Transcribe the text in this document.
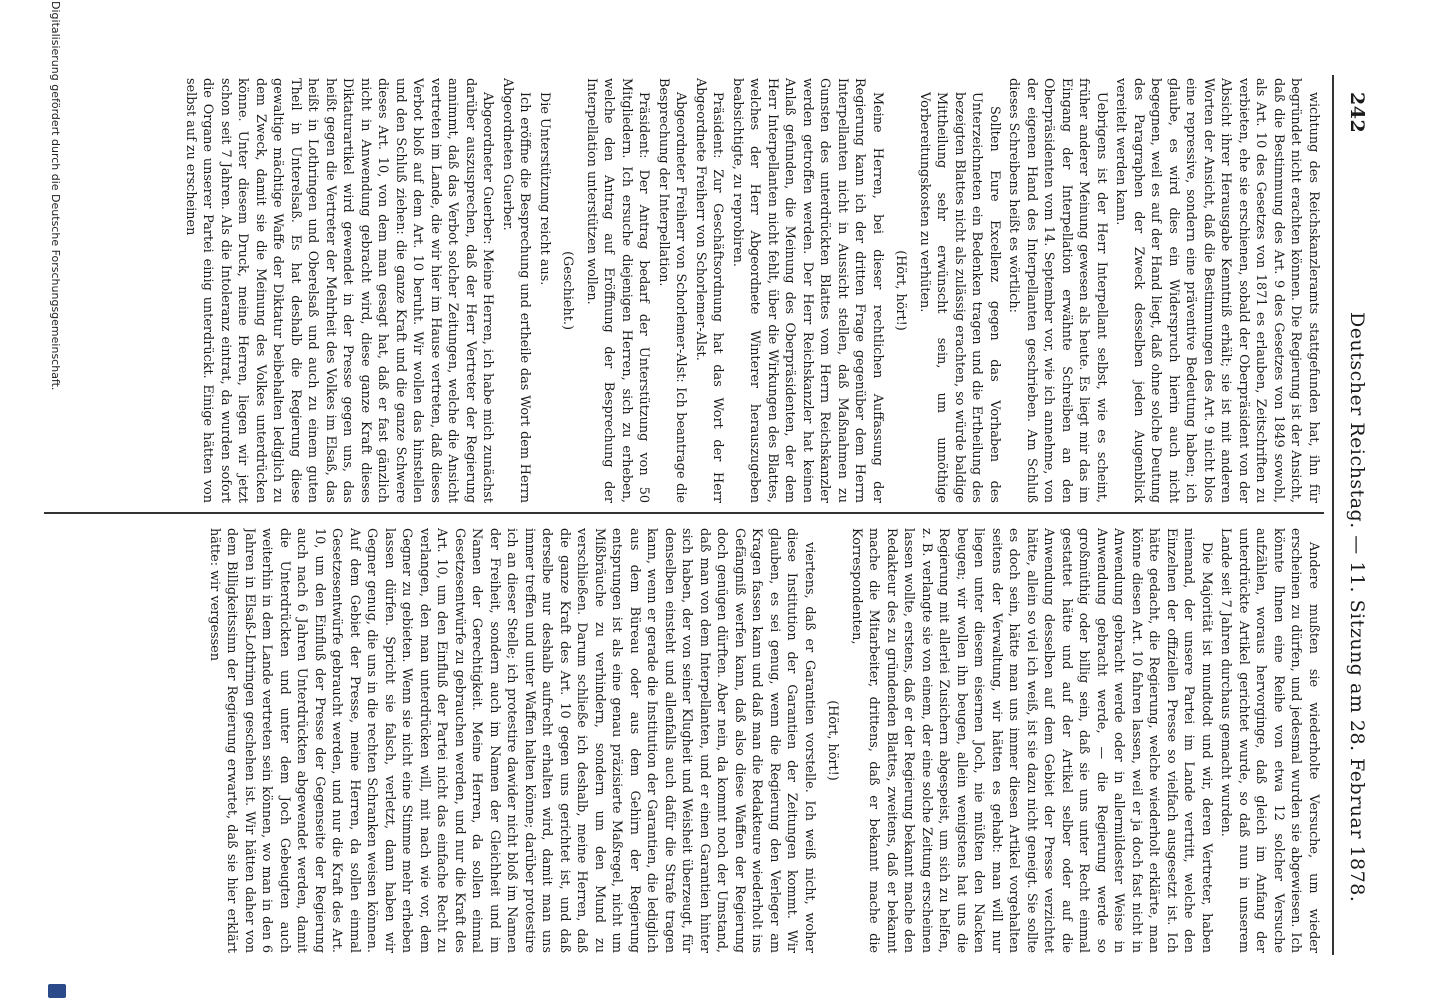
242
Deutscher Reichstag. — 11. Sitzung am 28. Februar 1878.

wichtung des Reichskanzleramts stattgefunden hat, ihn für begründet nicht erachten können. Die Regierung ist der Ansicht, daß die Bestimmung des Art. 9 des Gesetzes von 1849 sowohl, als Art. 10 des Gesetzes von 1871 es erlauben, Zeitschriften zu verbieten, ehe sie erschienen, sobald der Oberpräsident von der Absicht ihrer Herausgabe Kenntniß erhält; sie ist mit anderen Worten der Ansicht, daß die Bestimmungen des Art. 9 nicht blos eine repressive, sondern eine präventive Bedeutung haben; ich glaube, es wird dies ein Widerspruch hierin auch nicht begegnen, weil es auf der Hand liegt, daß ohne solche Deutung des Paragraphen der Zweck desselben jeden Augenblick vereitelt werden kann.

Uebrigens ist der Herr Interpellant selbst, wie es scheint, früher anderer Meinung gewesen als heute. Es liegt mir das im Eingang der Interpellation erwähnte Schreiben an den Oberpräsidenten vom 14. September vor, wie ich annehme, von der eigenen Hand des Interpellanten geschrieben. Am Schluß dieses Schreibens heißt es wörtlich:

Sollten Eure Excellenz gegen das Vorhaben des Unterzeichneten ein Bedenken tragen und die Ertheilung des bezeigten Blattes nicht als zulässig erachten, so würde baldige Mittheilung sehr erwünscht sein, um unnöthige Vorbereitungskosten zu verhüten.

(Hört, hört!)

Meine Herren, bei dieser rechtlichen Auffassung der Regierung kann ich der dritten Frage gegenüber dem Herrn Interpellanten nicht in Aussicht stellen, daß Maßnahmen zu Gunsten des unterdrückten Blattes vom Herrn Reichskanzler werden getroffen werden. Der Herr Reichskanzler hat keinen Anlaß gefunden, die Meinung des Oberpräsidenten, der dem Herr Interpellanten nicht fehlt, über die Wirkungen des Blattes, welches der Herr Abgeordnete Winterer herauszugeben beabsichtigte, zu reprobiren.

Präsident: Zur Geschäftsordnung hat das Wort der Herr Abgeordnete Freiherr von Schorlemer-Alst.

Abgeordneter Freiherr von Schorlemer-Alst: Ich beantrage die Besprechung der Interpellation.

Präsident: Der Antrag bedarf der Unterstützung von 50 Mitgliedern. Ich ersuche diejenigen Herren, sich zu erheben, welche den Antrag auf Eröffnung der Besprechung der Interpellation unterstützen wollen.

(Geschieht.)

Die Unterstützung reicht aus.

Ich eröffne die Besprechung und ertheile das Wort dem Herrn Abgeordneten Guerber.

Abgeordneter Guerber: Meine Herren, ich habe mich zunächst darüber auszusprechen, daß der Herr Vertreter der Regierung annimmt, daß das Verbot solcher Zeitungen, welche die Ansicht vertreten im Lande, die wir hier im Hause vertreten, daß dieses Verbot bloß auf dem Art. 10 beruht. Wir wollen das hinstellen und den Schluß ziehen: die ganze Kraft und die ganze Schwere dieses Art. 10, von dem man gesagt hat, daß er fast gänzlich nicht in Anwendung gebracht wird, diese ganze Kraft dieses Diktaturartikel wird gewendet in der Presse gegen uns, das heißt gegen die Vertreter der Mehrheit des Volkes im Elsaß, das heißt in Lothringen und Oberelsaß und auch zu einem guten Theil in Unterelsaß. Es hat deshalb die Regierung diese gewaltige mächtige Waffe der Diktatur beibehalten lediglich zu dem Zweck, damit sie die Meinung des Volkes unterdrücken könne. Unter diesem Druck, meine Herren, liegen wir jetzt schon seit 7 Jahren. Als die Intoleranz eintrat, da wurden sofort die Organe unserer Partei einig unterdrückt. Einige hätten von selbst auf zu erscheinen

Andere mußten sie wiederholte Versuche, um wieder erscheinen zu dürfen, und jedesmal wurden sie abgewiesen. Ich könnte Ihnen eine Reihe von etwa 12 solcher Versuche aufzählen, woraus hervorginge, daß gleich im Anfang der unterdrückte Artikel gerichtet wurde, so daß nun in unserem Lande seit 7 Jahren durchaus gemacht wurden.

Die Majorität ist mundtodt und wir, deren Vertreter, haben niemand, der unsere Partei im Lande vertritt, welche den Einzelnen der offiziellen Presse so vielfach ausgesetzt ist. Ich hätte gedacht, die Regierung, welche wiederholt erklärte, man könne diesen Art. 10 fahren lassen, weil er ja doch fast nicht in Anwendung gebracht werde oder in allermildester Weise in Anwendung gebracht werde, — die Regierung werde so großmüthig oder billig sein, daß sie uns unter Recht einmal gestattet hätte und auf der Artikel selber oder auf die Anwendung desselben auf dem Gebiet der Presse verzichtet hätte, allein so viel ich weiß, ist sie dazu nicht geneigt. Sie sollte es doch sein, hätte man uns immer diesen Artikel vorgehalten seitens der Verwaltung, wir hätten es gehabt: man will nur liegen unter diesem eisernen Joch, nie müßten den Nacken beugen; wir wollen ihn beugen, allein wenigstens hat uns die Regierung mit allerlei Zusichern abgespeist, um sich zu helfen, z. B. verlangte sie von einem, der eine solche Zeitung erscheinen lassen wollte, erstens, daß er der Regierung bekannt mache den Redakteur des zu gründenden Blattes, zweitens, daß er bekannt mache die Mitarbeiter, drittens, daß er bekannt mache die Korrespondenten,

(Hört, hört!)

viertens, daß er Garantien vorstelle. Ich weiß nicht, woher diese Institution der Garantien der Zeitungen kommt. Wir glauben, es sei genug, wenn die Regierung den Verleger am Kragen fassen kann und daß man die Redakteure wiederholt ins Gefängniß werfen kann, daß also diese Waffen der Regierung doch genügen dürften. Aber nein, da kommt noch der Umstand, daß man von dem Interpellanten, und er einen Garantien hinter sich haben, der von seiner Klugheit und Weisheit überzeugt, für denselben einsteht und allenfalls auch dafür die Strafe tragen kann, wenn er gerade die Institution der Garantien, die lediglich aus dem Büreau oder aus dem Gehirn der Regierung entsprungen ist als eine genau präzisierte Maßregel, nicht um Mißbräuche zu verhindern, sondern um den Mund zu verschließen. Darum schließe ich deshalb, meine Herren, daß die ganze Kraft des Art. 10 gegen uns gerichtet ist, und daß derselbe nur deshalb aufrecht erhalten wird, damit man uns immer treffen und unter Waffen halten könne; darüber protestire ich an dieser Stelle; ich protestire dawider nicht bloß im Namen der Freiheit, sondern auch im Namen der Gleichheit und im Namen der Gerechtigkeit. Meine Herren, da sollen einmal Gesetzesentwürfe zu gebrauchen werden, und nur die Kraft des Art. 10, um den Einfluß der Partei nicht das einfache Recht zu verlangen, den man unterdrücken will, mit nach wie vor, dem Gegner zu gebieten. Wenn sie nicht eine Stimme mehr erheben lassen dürfen. Spricht sie falsch, verletzt, dann haben wir Gegner genug, die uns in die rechten Schranken weisen können. Auf dem Gebiet der Presse, meine Herren, da sollen einmal Gesetzesentwürfe gebraucht werden, und nur die Kraft des Art. 10, um den Einfluß der Presse der Gegenseite der Regierung auch nach 6 Jahren Unterdrückten abgewendet werden, damit die Unterdrückten und unter dem Joch Gebeugten auch weiterhin in dem Lande vertreten sein können, wo man in den 6 Jahren in Elsaß-Lothringen geschehen ist. Wir hätten daher von dem Billigkeitssinn der Regierung erwartet, daß sie hier erklärt hätte: wir vergessen

Digitalisierung gefördert durch die Deutsche Forschungsgemeinschaft.
